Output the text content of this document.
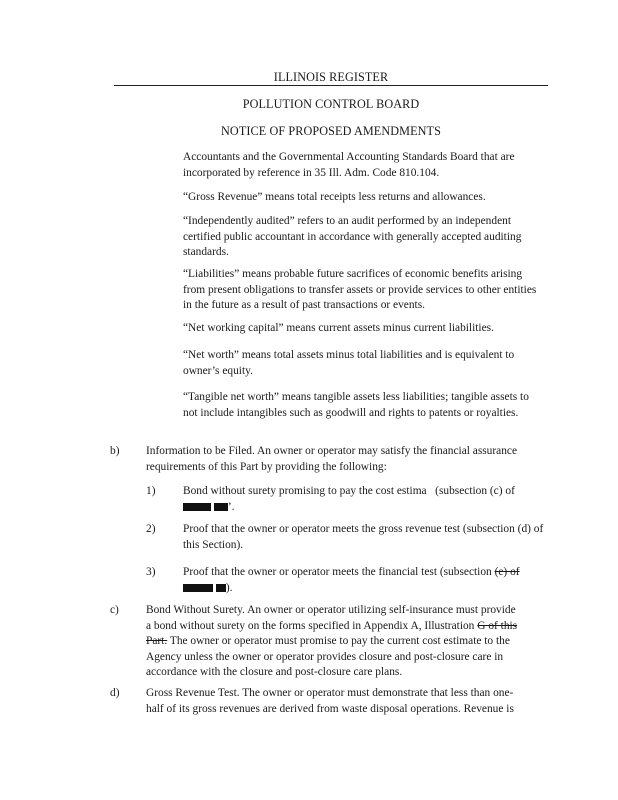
ILLINOIS REGISTER
POLLUTION CONTROL BOARD
NOTICE OF PROPOSED AMENDMENTS
Accountants and the Governmental Accounting Standards Board that are incorporated by reference in 35 Ill. Adm. Code 810.104.
“Gross Revenue” means total receipts less returns and allowances.
“Independently audited” refers to an audit performed by an independent certified public accountant in accordance with generally accepted auditing standards.
“Liabilities” means probable future sacrifices of economic benefits arising from present obligations to transfer assets or provide services to other entities in the future as a result of past transactions or events.
“Net working capital” means current assets minus current liabilities.
“Net worth” means total assets minus total liabilities and is equivalent to owner’s equity.
“Tangible net worth” means tangible assets less liabilities; tangible assets to not include intangibles such as goodwill and rights to patents or royalties.
b) Information to be Filed. An owner or operator may satisfy the financial assurance requirements of this Part by providing the following:
1) Bond without surety promising to pay the cost estima (subsection (c) of
’.
2) Proof that the owner or operator meets the gross revenue test (subsection (d) of this Section).
3) Proof that the owner or operator meets the financial test (subsection (e) of
).
c) Bond Without Surety. An owner or operator utilizing self-insurance must provide
a bond without surety on the forms specified in Appendix A, Illustration G of this
Part. The owner or operator must promise to pay the current cost estimate to the
Agency unless the owner or operator provides closure and post-closure care in
accordance with the closure and post-closure care plans.
d) Gross Revenue Test. The owner or operator must demonstrate that less than one-
half of its gross revenues are derived from waste disposal operations. Revenue is
